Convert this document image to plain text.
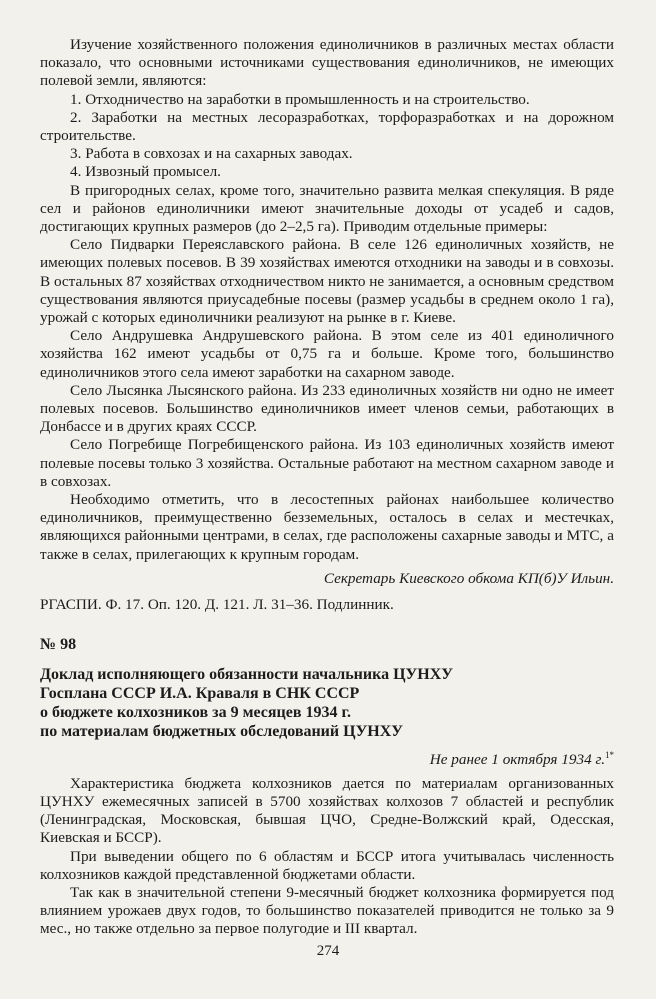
Изучение хозяйственного положения единоличников в различных местах области показало, что основными источниками существования единоличников, не имеющих полевой земли, являются:

1. Отходничество на заработки в промышленность и на строительство.

2. Заработки на местных лесоразработках, торфоразработках и на дорожном строительстве.

3. Работа в совхозах и на сахарных заводах.

4. Извозный промысел.

В пригородных селах, кроме того, значительно развита мелкая спекуляция. В ряде сел и районов единоличники имеют значительные доходы от усадеб и садов, достигающих крупных размеров (до 2–2,5 га). Приводим отдельные примеры:

Село Пидварки Переяславского района. В селе 126 единоличных хозяйств, не имеющих полевых посевов. В 39 хозяйствах имеются отходники на заводы и в совхозы. В остальных 87 хозяйствах отходничеством никто не занимается, а основным средством существования являются приусадебные посевы (размер усадьбы в среднем около 1 га), урожай с которых единоличники реализуют на рынке в г. Киеве.

Село Андрушевка Андрушевского района. В этом селе из 401 единоличного хозяйства 162 имеют усадьбы от 0,75 га и больше. Кроме того, большинство единоличников этого села имеют заработки на сахарном заводе.

Село Лысянка Лысянского района. Из 233 единоличных хозяйств ни одно не имеет полевых посевов. Большинство единоличников имеет членов семьи, работающих в Донбассе и в других краях СССР.

Село Погребище Погребищенского района. Из 103 единоличных хозяйств имеют полевые посевы только 3 хозяйства. Остальные работают на местном сахарном заводе и в совхозах.

Необходимо отметить, что в лесостепных районах наибольшее количество единоличников, преимущественно безземельных, осталось в селах и местечках, являющихся районными центрами, в селах, где расположены сахарные заводы и МТС, а также в селах, прилегающих к крупным городам.

Секретарь Киевского обкома КП(б)У Ильин.

РГАСПИ. Ф. 17. Оп. 120. Д. 121. Л. 31–36. Подлинник.

№ 98

Доклад исполняющего обязанности начальника ЦУНХУ
Госплана СССР И.А. Краваля в СНК СССР
о бюджете колхозников за 9 месяцев 1934 г.
по материалам бюджетных обследований ЦУНХУ

Не ранее 1 октября 1934 г.$^{1*}$

Характеристика бюджета колхозников дается по материалам организованных ЦУНХУ ежемесячных записей в 5700 хозяйствах колхозов 7 областей и республик (Ленинградская, Московская, бывшая ЦЧО, Средне-Волжский край, Одесская, Киевская и БССР).

При выведении общего по 6 областям и БССР итога учитывалась численность колхозников каждой представленной бюджетами области.

Так как в значительной степени 9-месячный бюджет колхозника формируется под влиянием урожаев двух годов, то большинство показателей приводится не только за 9 мес., но также отдельно за первое полугодие и III квартал.

274
